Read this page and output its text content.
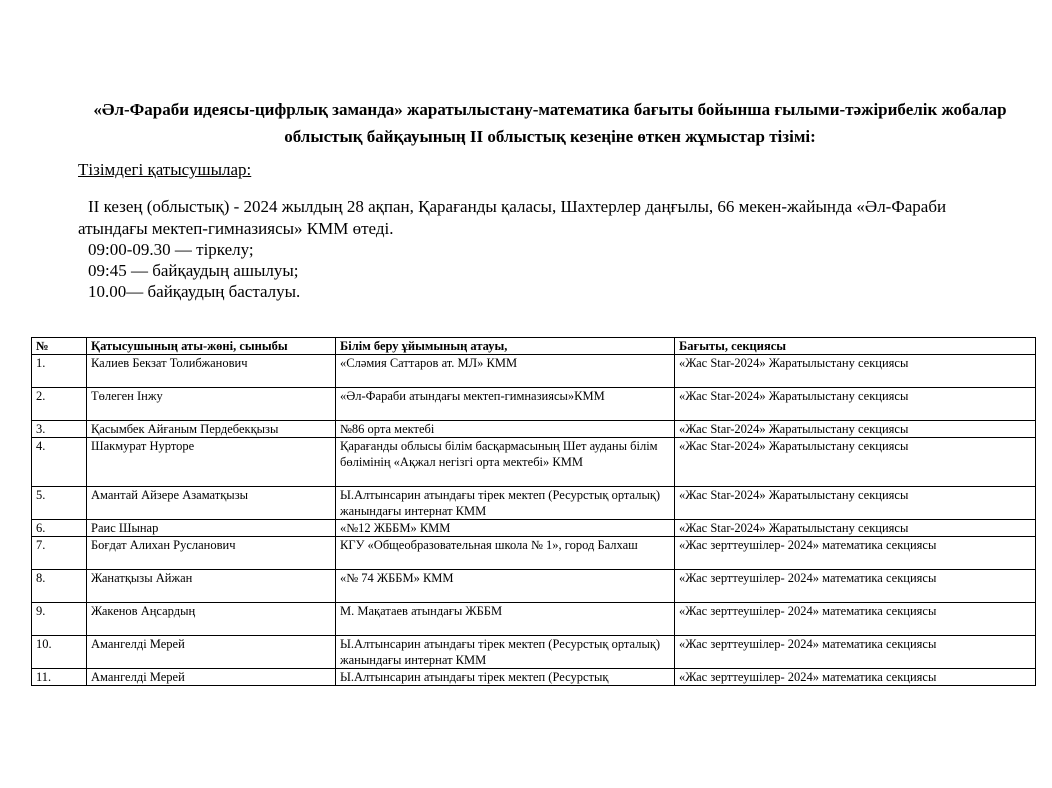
«Әл-Фараби идеясы-цифрлық заманда» жаратылыстану-математика бағыты бойынша ғылыми-тәжірибелік жобалар облыстық байқауының II облыстық кезеңіне өткен жұмыстар тізімі:
Тізімдегі қатысушылар:

II кезең (облыстық) - 2024 жылдың 28 ақпан, Қарағанды қаласы, Шахтерлер даңғылы, 66 мекен-жайында «Әл-Фараби

атындағы мектеп-гимназиясы» КММ өтеді.

09:00-09.30 — тіркелу;
09:45 — байқаудың ашылуы;
10.00— байқаудың басталуы.
№	Қатысушының аты-жөні, сыныбы	Білім беру ұйымының атауы,	Бағыты, секциясы
1.	Калиев Бекзат Толибжанович	«Сләмия Саттаров ат. МЛ» КММ	«Жас Star-2024» Жаратылыстану секциясы
2.	Төлеген Інжу	«Әл-Фараби атындағы мектеп-гимназиясы»КММ	«Жас Star-2024» Жаратылыстану секциясы
3.	Қасымбек Айғаным Пердебекқызы	№86 орта мектебі	«Жас Star-2024» Жаратылыстану секциясы
4.	Шакмурат Нурторе	Қарағанды облысы білім басқармасының Шет ауданы білім бөлімінің «Ақжал негізгі орта мектебі» КММ	«Жас Star-2024» Жаратылыстану секциясы
5.	Амантай Айзере Азаматқызы	Ы.Алтынсарин атындағы тірек мектеп (Ресурстық орталық) жанындағы интернат КММ	«Жас Star-2024» Жаратылыстану секциясы
6.	Раис Шынар	«№12 ЖББМ» КММ	«Жас Star-2024» Жаратылыстану секциясы
7.	Боғдат Алихан Русланович	КГУ «Общеобразовательная школа № 1», город Балхаш	«Жас зерттеушілер- 2024» математика секциясы
8.	Жанатқызы Айжан	«№ 74 ЖББМ» КММ	«Жас зерттеушілер- 2024» математика секциясы
9.	Жакенов Аңсардың	М. Мақатаев атындағы ЖББМ	«Жас зерттеушілер- 2024» математика секциясы
10.	Амангелді Мерей	Ы.Алтынсарин атындағы тірек мектеп (Ресурстық орталық) жанындағы интернат КММ	«Жас зерттеушілер- 2024» математика секциясы
11.	Амангелді Мерей	Ы.Алтынсарин атындағы тірек мектеп (Ресурстық	«Жас зерттеушілер- 2024» математика секциясы
